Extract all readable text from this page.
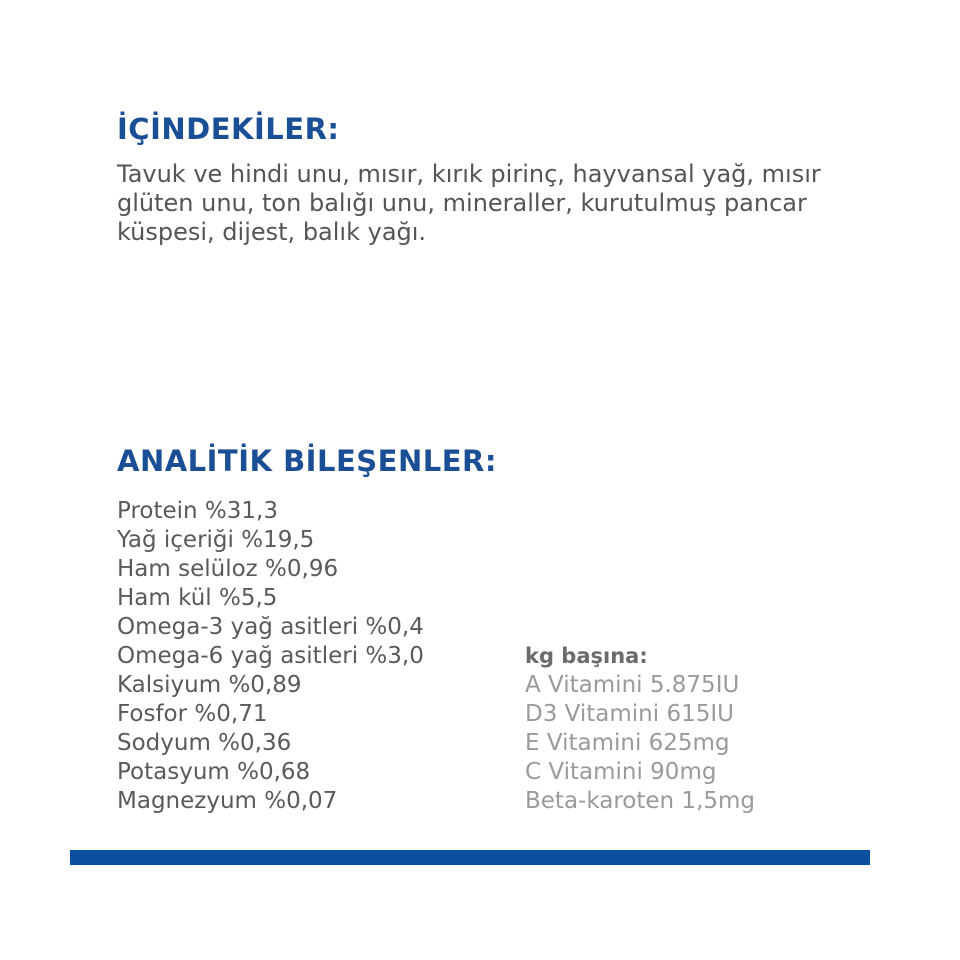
İÇİNDEKİLER:

Tavuk ve hindi unu, mısır, kırık pirinç, hayvansal yağ, mısır glüten unu, ton balığı unu, mineraller, kurutulmuş pancar küspesi, dijest, balık yağı.

ANALİTİK BİLEŞENLER:
Protein %31,3
Yağ içeriği %19,5
Ham selüloz %0,96
Ham kül %5,5
Omega-3 yağ asitleri %0,4
Omega-6 yağ asitleri %3,0
Kalsiyum %0,89
Fosfor %0,71
Sodyum %0,36
Potasyum %0,68
Magnezyum %0,07
kg başına:
A Vitamini 5.875IU
D3 Vitamini 615IU
E Vitamini 625mg
C Vitamini 90mg
Beta-karoten 1,5mg
